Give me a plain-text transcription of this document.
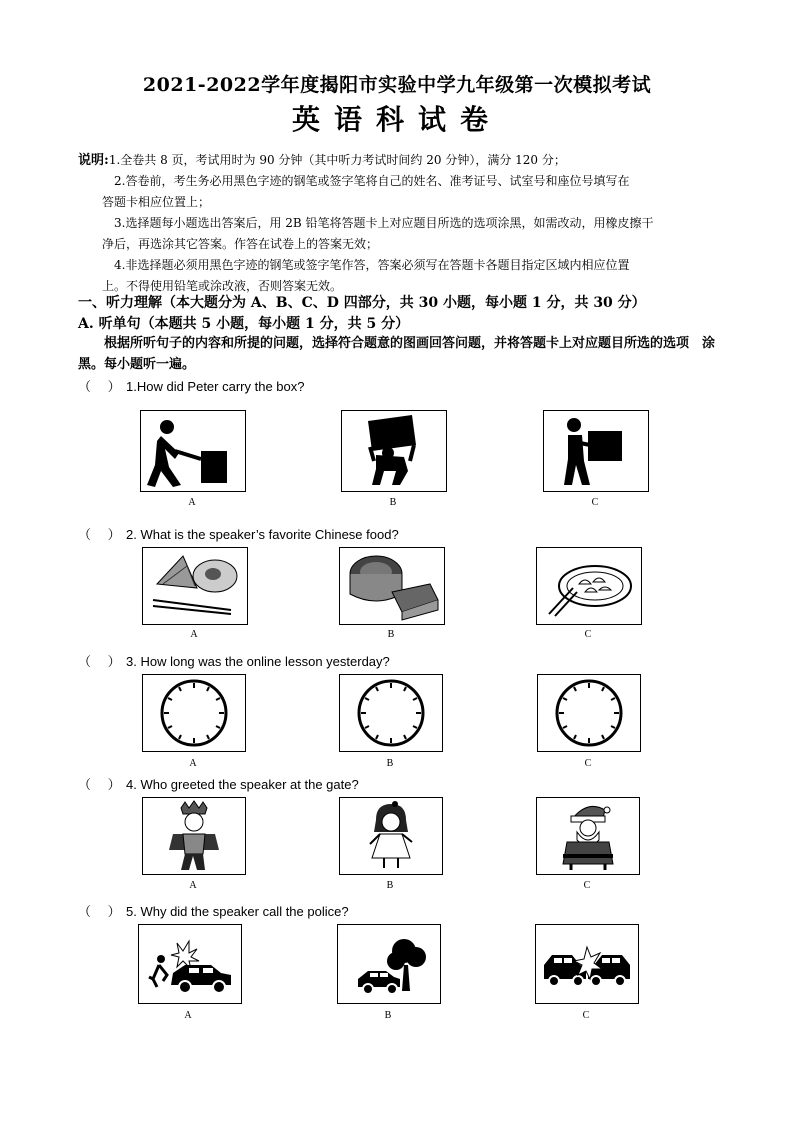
2021-2022学年度揭阳市实验中学九年级第一次模拟考试
英语科试卷

说明:1.全卷共 8 页，考试用时为 90 分钟（其中听力考试时间约 20 分钟），满分 120 分；

2.答卷前，考生务必用黑色字迹的钢笔或签字笔将自己的姓名、准考证号、试室号和座位号填写在

答题卡相应位置上；

3.选择题每小题选出答案后，用 2B 铅笔将答题卡上对应题目所选的选项涂黑，如需改动，用橡皮擦干

净后，再选涂其它答案。作答在试卷上的答案无效；

4.非选择题必须用黑色字迹的钢笔或签字笔作答，答案必须写在答题卡各题目指定区域内相应位置

上。不得使用铅笔或涂改液，否则答案无效。

一、听力理解（本大题分为 A、B、C、D 四部分，共 30 小题，每小题 1 分，共 30 分）
A. 听单句（本题共 5 小题，每小题 1 分，共 5 分）
根据所听句子的内容和所提的问题，选择符合题意的图画回答问题，并将答题卡上对应题目所选的选项　涂黑。每小题听一遍。
（　 ） 1.How did Peter carry the box?
A	B	C
（　 ） 2. What is the speaker’s favorite Chinese food?
A	B	C
（　 ） 3. How long was the online lesson yesterday?
A	B	C
（　 ） 4. Who greeted the speaker at the gate?
A	B	C
（　 ） 5. Why did the speaker call the police?
A	B	C
